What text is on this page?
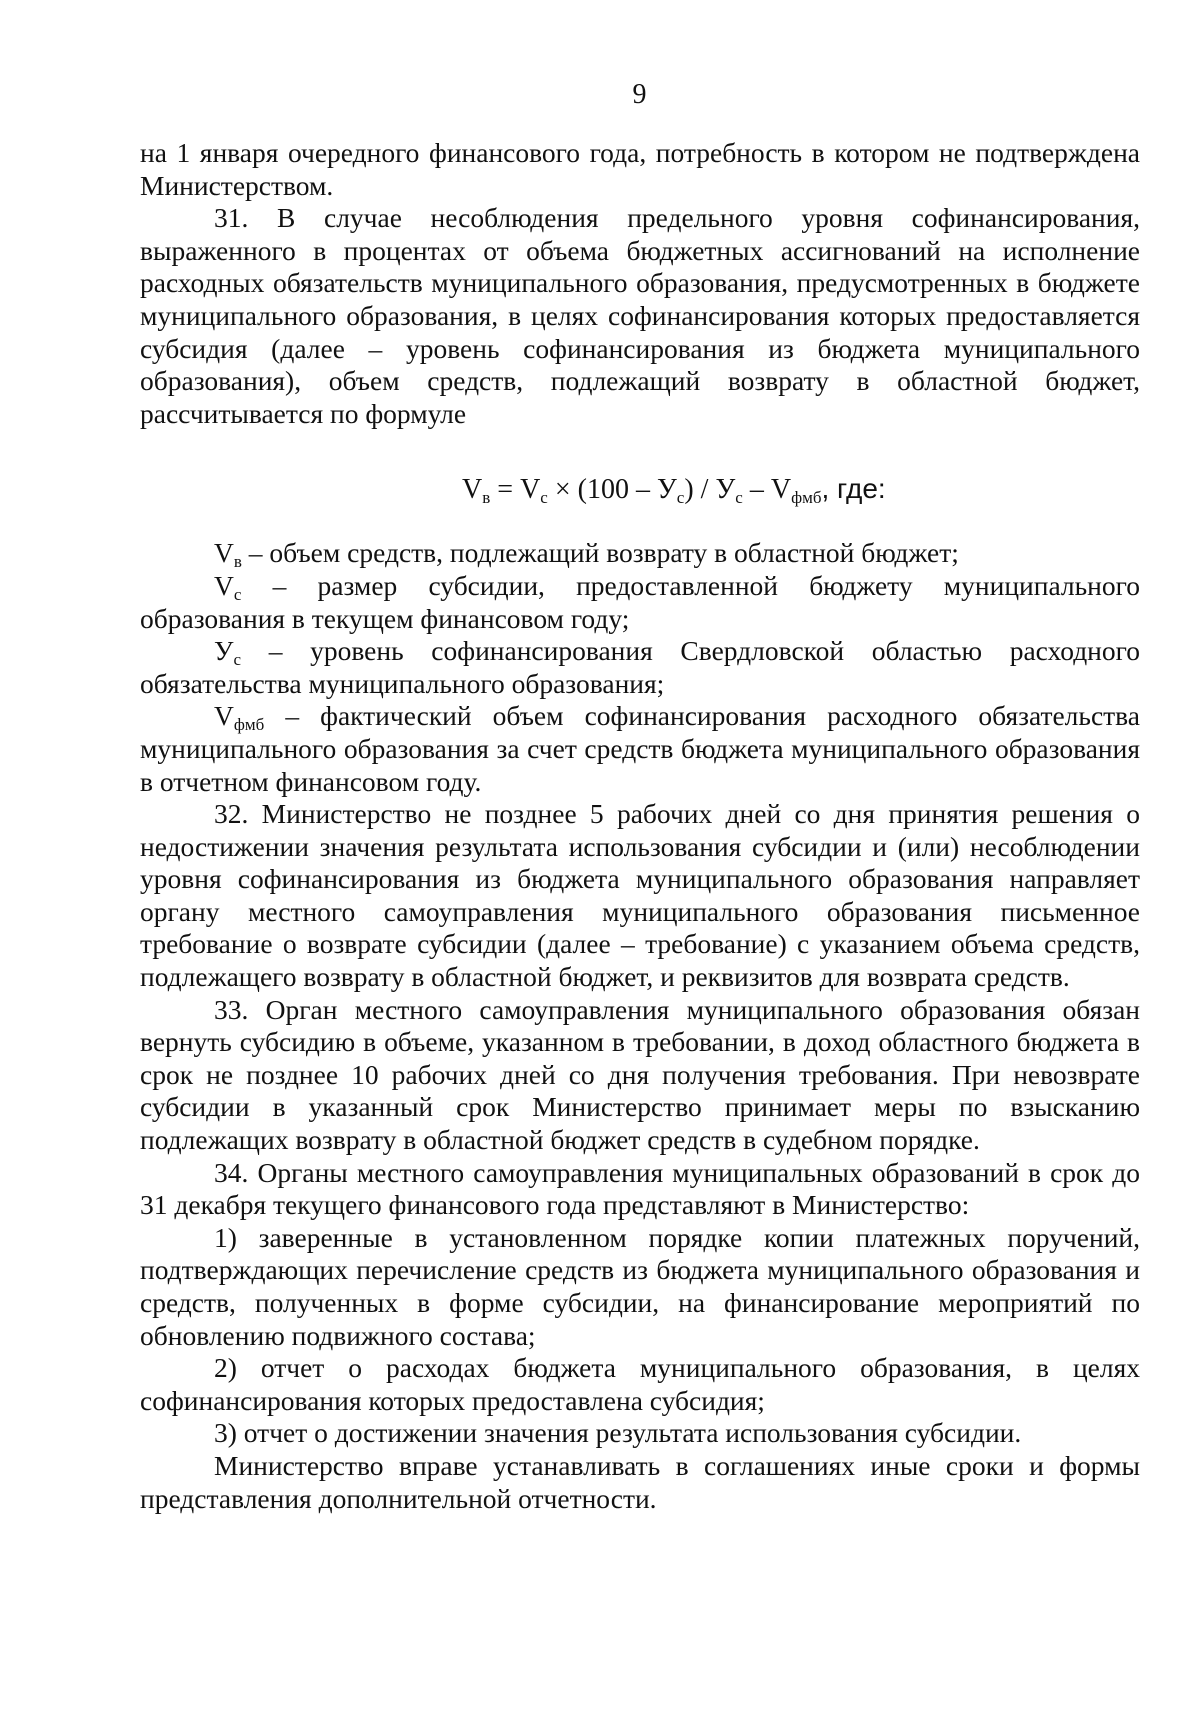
9

на 1 января очередного финансового года, потребность в котором не подтверждена Министерством.

31. В случае несоблюдения предельного уровня софинансирования, выраженного в процентах от объема бюджетных ассигнований на исполнение расходных обязательств муниципального образования, предусмотренных в бюджете муниципального образования, в целях софинансирования которых предоставляется субсидия (далее – уровень софинансирования из бюджета муниципального образования), объем средств, подлежащий возврату в областной бюджет, рассчитывается по формуле

$V_в = V_с \times (100 - У_с) / У_с - V_{фмб}$, где:

$V_в$ – объем средств, подлежащий возврату в областной бюджет;

$V_с$ – размер субсидии, предоставленной бюджету муниципального образования в текущем финансовом году;

$У_с$ – уровень софинансирования Свердловской областью расходного обязательства муниципального образования;

$V_{фмб}$ – фактический объем софинансирования расходного обязательства муниципального образования за счет средств бюджета муниципального образования в отчетном финансовом году.

32. Министерство не позднее 5 рабочих дней со дня принятия решения о недостижении значения результата использования субсидии и (или) несоблюдении уровня софинансирования из бюджета муниципального образования направляет органу местного самоуправления муниципального образования письменное требование о возврате субсидии (далее – требование) с указанием объема средств, подлежащего возврату в областной бюджет, и реквизитов для возврата средств.

33. Орган местного самоуправления муниципального образования обязан вернуть субсидию в объеме, указанном в требовании, в доход областного бюджета в срок не позднее 10 рабочих дней со дня получения требования. При невозврате субсидии в указанный срок Министерство принимает меры по взысканию подлежащих возврату в областной бюджет средств в судебном порядке.

34. Органы местного самоуправления муниципальных образований в срок до 31 декабря текущего финансового года представляют в Министерство:

1) заверенные в установленном порядке копии платежных поручений, подтверждающих перечисление средств из бюджета муниципального образования и средств, полученных в форме субсидии, на финансирование мероприятий по обновлению подвижного состава;

2) отчет о расходах бюджета муниципального образования, в целях софинансирования которых предоставлена субсидия;

3) отчет о достижении значения результата использования субсидии.

Министерство вправе устанавливать в соглашениях иные сроки и формы представления дополнительной отчетности.
